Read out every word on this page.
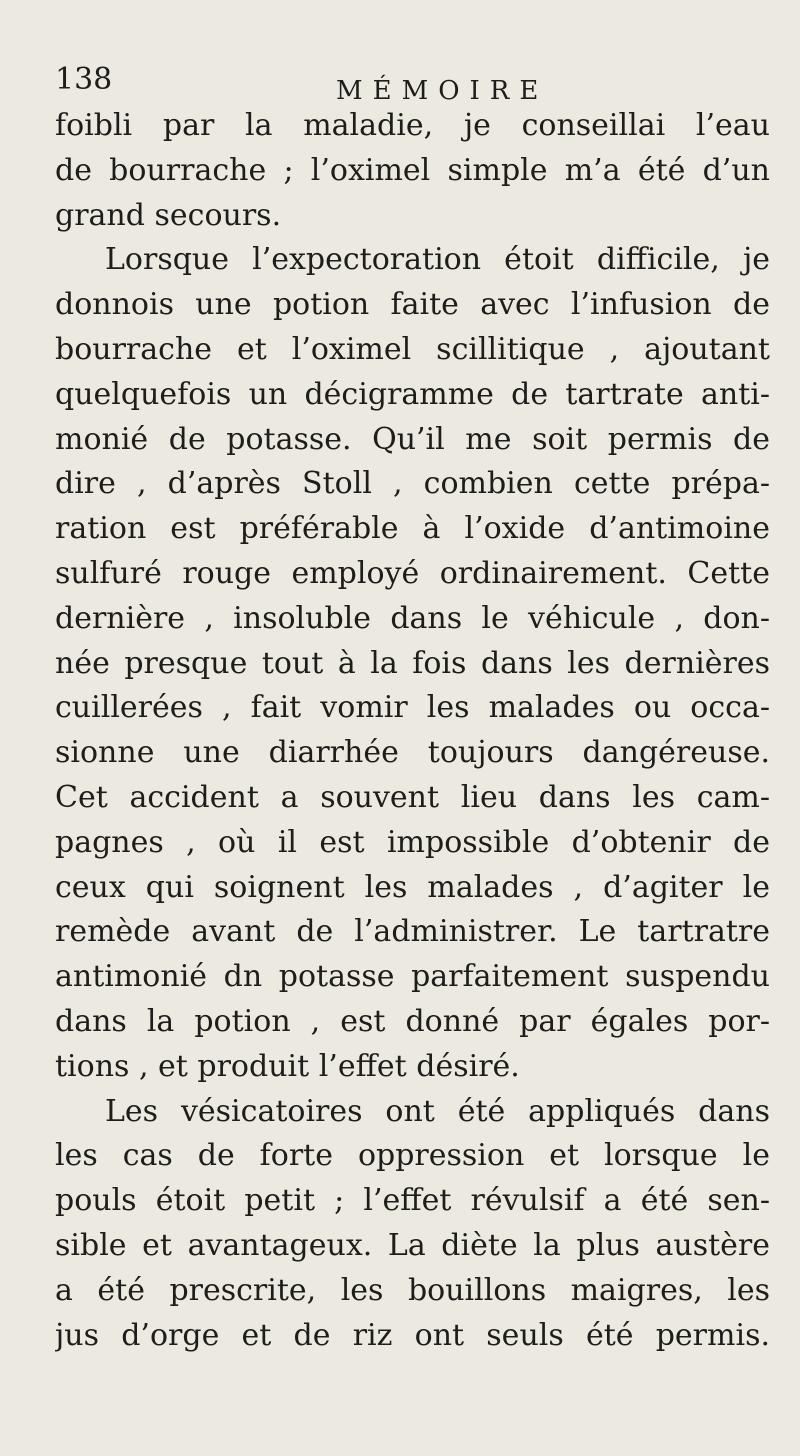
138	MÉMOIRE
foibli par la maladie, je conseillai l’eau
de bourrache ; l’oximel simple m’a été d’un
grand secours.
Lorsque l’expectoration étoit difficile, je
donnois une potion faite avec l’infusion de
bourrache et l’oximel scillitique , ajoutant
quelquefois un décigramme de tartrate anti-
monié de potasse. Qu’il me soit permis de
dire , d’après Stoll , combien cette prépa-
ration est préférable à l’oxide d’antimoine
sulfuré rouge employé ordinairement. Cette
dernière , insoluble dans le véhicule , don-
née presque tout à la fois dans les dernières
cuillerées , fait vomir les malades ou occa-
sionne une diarrhée toujours dangéreuse.
Cet accident a souvent lieu dans les cam-
pagnes , où il est impossible d’obtenir de
ceux qui soignent les malades , d’agiter le
remède avant de l’administrer. Le tartratre
antimonié dn potasse parfaitement suspendu
dans la potion , est donné par égales por-
tions , et produit l’effet désiré.
Les vésicatoires ont été appliqués dans
les cas de forte oppression et lorsque le
pouls étoit petit ; l’effet révulsif a été sen-
sible et avantageux. La diète la plus austère
a été prescrite, les bouillons maigres, les
jus d’orge et de riz ont seuls été permis.
